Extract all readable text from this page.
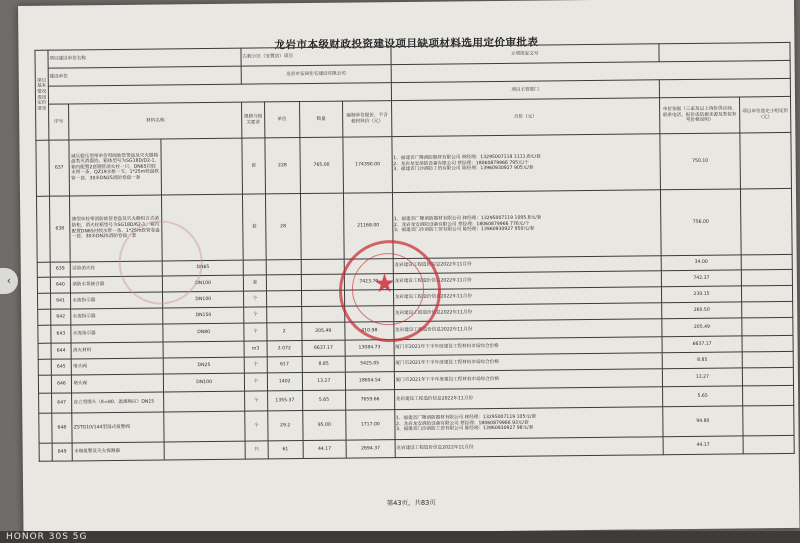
龙岩市本级财政投资建设项目缺项材料选用定价审批表
项目基本情况选用定价清单	项目建设单位名称			古蛟小区（安置房）项目				立项批复文号		
	建设单位			龙岩市安居住宅建设有限公司						
								项目主管部门		
	序号	材料名称		规格与相关要求	单位	数量	编制单位提价，不含税材料价（元）	合价（元）	单价依据（三家及以上询价供应商、联系电话、报价或依据来源及类似参考价格说明）	项目单位选定小组定价（元）
	637	减压稳压型带单价带阀软管带盘及灭火器箱盘类灭消器挡，箱体型号为SG18D/D2-1，箱内配置2套钢管消火栓一只，DN65衬胶水带一条，QZ19水枪一支，1*25m转盘软管一套，30米DN25消防卷盘一套		套	228	765.00	174390.00	1、福建省广隆消防器材有限公司 林经理：13295007119 1111.8元/套
2、龙岩龙安消防设备有限公司 蔡经理：18060879966 795元/个
3、福建省门沙消防工贸有限公司 陈经理：13960930927 905元/套	750.10	
	638	薄型单栓带消防软管卷盘及灭火器组合式消防柜，消火栓箱型号为SG18D/62-1，箱内配置DN65衬胶水带一条，1*25m软管卷盘一套，30米DN25消防卷盘一套		套	28		21168.00	1、福建省广隆消防器材有限公司 林经理：13295007119 1095.8元/套
2、龙岩龙安消防设备有限公司 蔡经理：18060879966 776元/个
3、福建省门沙消防工贸有限公司 陈经理：13960930927 950元/套	756.00	
	639	试验消火栓	DN65					龙岩建设工程造价信息2022年11月份	34.00	
	640	消防水泵接合器	DN100	套			7423.70	龙岩建设工程造价信息2022年11月份	742.37	
	641	水流指示器	DN100	个				龙岩建设工程造价信息2022年11月份	230.15	
	642	水流指示器	DN150	个				龙岩建设工程造价信息2022年11月份	260.50	
	643	水流指示器	DN80	个	2	205.49	410.98	龙岩建设工程造价信息2022年11月份	205.49	
	644	消火材料		m3	2.072	6637.17	13084.73	厦门市2021年下半年度建设工程材料市场综合价格	6637.17	
	645	堵头阀	DN25	个	617	8.85	5425.05	厦门市2021年下半年度建设工程材料市场综合价格	8.85	
	646	堵头阀	DN100	个	1402	13.27	18604.54	厦门市2021年下半年度建设工程材料市场综合价格	13.27	
	647	直立型喷头（K=80，温感响应）DN15		个	1355.37	5.65	7659.66	龙岩建设工程造价信息2022年11月份	5.65	
	648	ZSTG10/144型湿式报警阀		个	29.2	95.00	1717.00	1、福建省广隆消防器材有限公司 林经理：13295007119 105元/套
2、龙岩龙安消防设备有限公司 蔡经理：18060879966 93元/套
3、福建省门沙消防工贸有限公司 陈经理：13960930927 98元/套	94.80	
	649	末端报警及灭火探测器		只	61	44.17	2694.37	龙岩建设工程造价信息2022年11月份	44.17	
★
第43页，共83页
‹
HONOR 30S 5G
